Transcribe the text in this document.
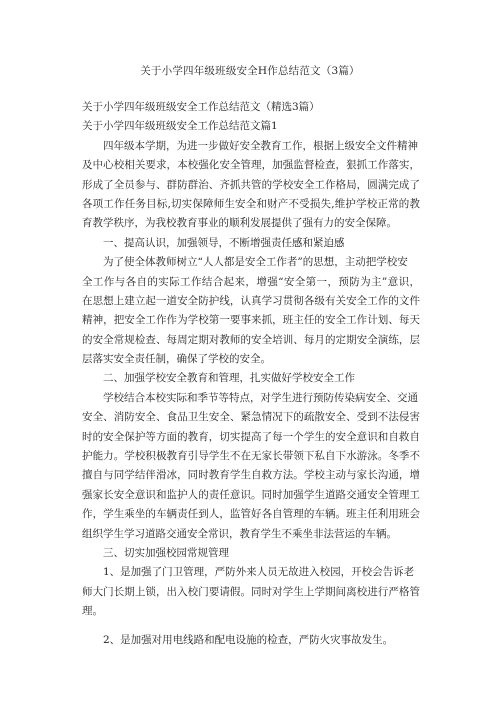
关于小学四年级班级安全H作总结范文（3篇）
关于小学四年级班级安全工作总结范文（精选3篇）
关于小学四年级班级安全工作总结范文篇1
四年级本学期，为进一步做好安全教育工作，根据上级安全文件精神
及中心校相关要求，本校强化安全管理，加强监督检查，狠抓工作落实，
形成了全员参与、群防群治、齐抓共管的学校安全工作格局，圆满完成了
各项工作任务目标,切实保障师生安全和财产不受损失,维护学校正常的教
育教学秩序，为我校教育事业的顺利发展提供了强有力的安全保障。
一、提高认识，加强领导，不断增强责任感和紧迫感
为了使全体教师树立“人人都是安全工作者”的思想，主动把学校安
全工作与各自的实际工作结合起来，增强“安全第一，预防为主”意识，
在思想上建立起一道安全防护线，认真学习贯彻各级有关安全工作的文件
精神，把安全工作作为学校第一要事来抓，班主任的安全工作计划、每天
的安全常规检查、每周定期对教师的安全培训、每月的定期安全演练，层
层落实安全责任制，确保了学校的安全。
二、加强学校安全教育和管理，扎实做好学校安全工作
学校结合本校实际和季节等特点，对学生进行预防传染病安全、交通
安全、消防安全、食品卫生安全、紧急情况下的疏散安全、受到不法侵害
时的安全保护等方面的教育，切实提高了每一个学生的安全意识和自救自
护能力。学校积极教育引导学生不在无家长带领下私自下水游泳。冬季不
擅自与同学结伴滑冰，同时教育学生自救方法。学校主动与家长沟通，增
强家长安全意识和监护人的责任意识。同时加强学生道路交通安全管理工
作，学生乘坐的车辆责任到人，监管好各自管理的车辆。班主任利用班会
组织学生学习道路交通安全常识，教育学生不乘坐非法营运的车辆。
三、切实加强校园常规管理
1、是加强了门卫管理，严防外来人员无故进入校园，开校会告诉老
师大门长期上锁，出入校门要请假。同时对学生上学期间离校进行严格管
理。
2、是加强对用电线路和配电设施的检查，严防火灾事故发生。
